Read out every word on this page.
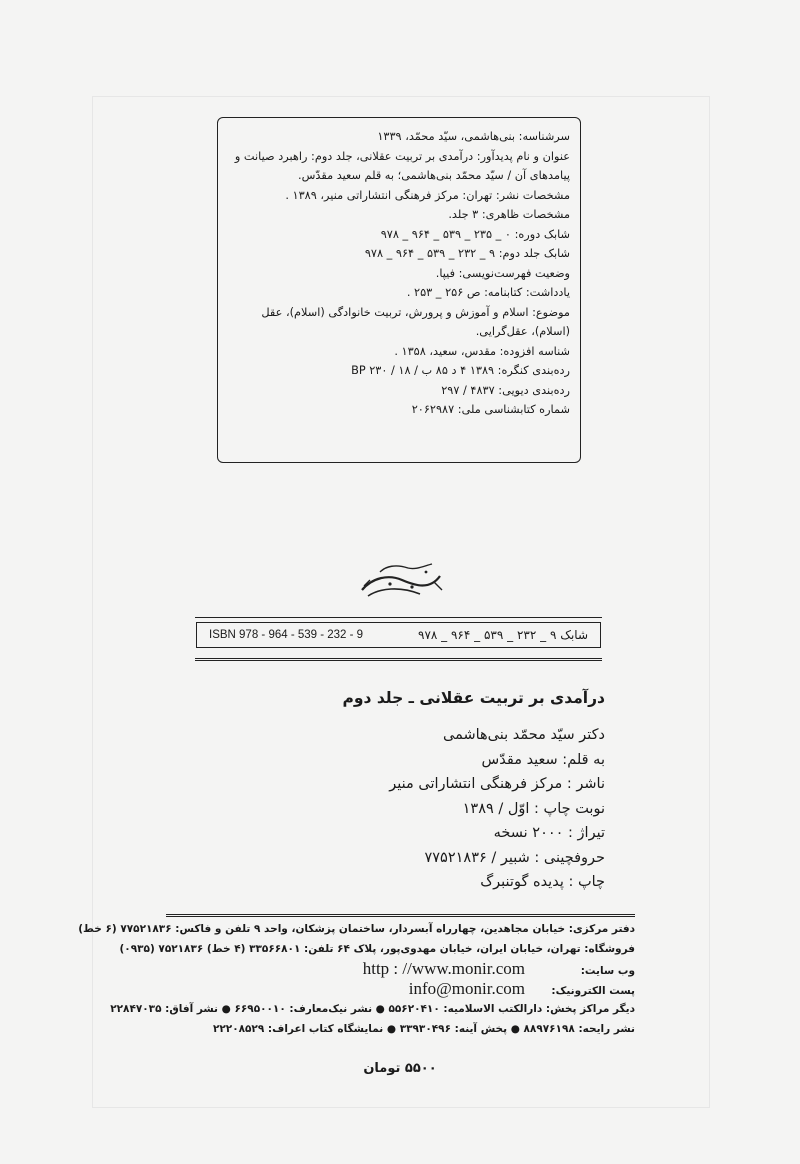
سرشناسه: بنی‌هاشمی، سیّد محمّد، ۱۳۳۹

عنوان و نام پدیدآور: درآمدی بر تربیت عقلانی، جلد دوم: راهبرد صیانت و

پیامدهای آن / سیّد محمّد بنی‌هاشمی؛ به قلم سعید مقدّس.

مشخصات نشر: تهران: مرکز فرهنگی انتشاراتی منیر، ۱۳۸۹ .

مشخصات ظاهری: ۳ جلد.

شابک دوره: ۰ _ ۲۳۵ _ ۵۳۹ _ ۹۶۴ _ ۹۷۸

شابک جلد دوم: ۹ _ ۲۳۲ _ ۵۳۹ _ ۹۶۴ _ ۹۷۸

وضعیت فهرست‌نویسی: فیپا.

یادداشت: کتابنامه: ص ۲۵۶ _ ۲۵۳ .

موضوع: اسلام و آموزش و پرورش، تربیت خانوادگی (اسلام)، عقل

(اسلام)، عقل‌گرایی.

شناسه افزوده: مقدس، سعید، ۱۳۵۸ .

رده‌بندی کنگره: ۱۳۸۹ ۴ د ۸۵ ب / ۱۸ / BP ۲۳۰

رده‌بندی دیویی: ۴۸۳۷ / ۲۹۷

شماره کتابشناسی ملی: ۲۰۶۲۹۸۷

شابک ۹ _ ۲۳۲ _ ۵۳۹ _ ۹۶۴ _ ۹۷۸
ISBN 978 - 964 - 539 - 232 - 9
درآمدی بر تربیت عقلانی ـ جلد دوم
دکتر سیّد محمّد بنی‌هاشمی
به قلم: سعید مقدّس
ناشر : مرکز فرهنگی انتشاراتی منیر
نوبت چاپ : اوّل / ۱۳۸۹
تیراژ : ۲۰۰۰ نسخه
حروفچینی : شبیر / ۷۷۵۲۱۸۳۶
چاپ : پدیده گوتنبرگ

دفتر مرکزی: خیابان مجاهدین، چهارراه آبسردار، ساختمان پزشکان، واحد ۹ تلفن و فاکس: ۷۷۵۲۱۸۳۶ (۶ خط)

فروشگاه: تهران، خیابان ایران، خیابان مهدوی‌پور، پلاک ۶۴ تلفن: ۳۳۵۶۶۸۰۱ (۴ خط) ۷۵۲۱۸۳۶ (۰۹۳۵)

وب سایت:
http : //www.monir.com
پست الکترونیک:
info@monir.com

دیگر مراکز پخش: دارالکتب الاسلامیه: ۵۵۶۲۰۴۱۰ ● نشر نیک‌معارف: ۶۶۹۵۰۰۱۰ ● نشر آفاق: ۲۲۸۴۷۰۳۵

نشر رایحه: ۸۸۹۷۶۱۹۸ ● پخش آینه: ۳۳۹۳۰۴۹۶ ● نمایشگاه کتاب اعراف: ۲۲۲۰۸۵۲۹

۵۵۰۰ تومان
